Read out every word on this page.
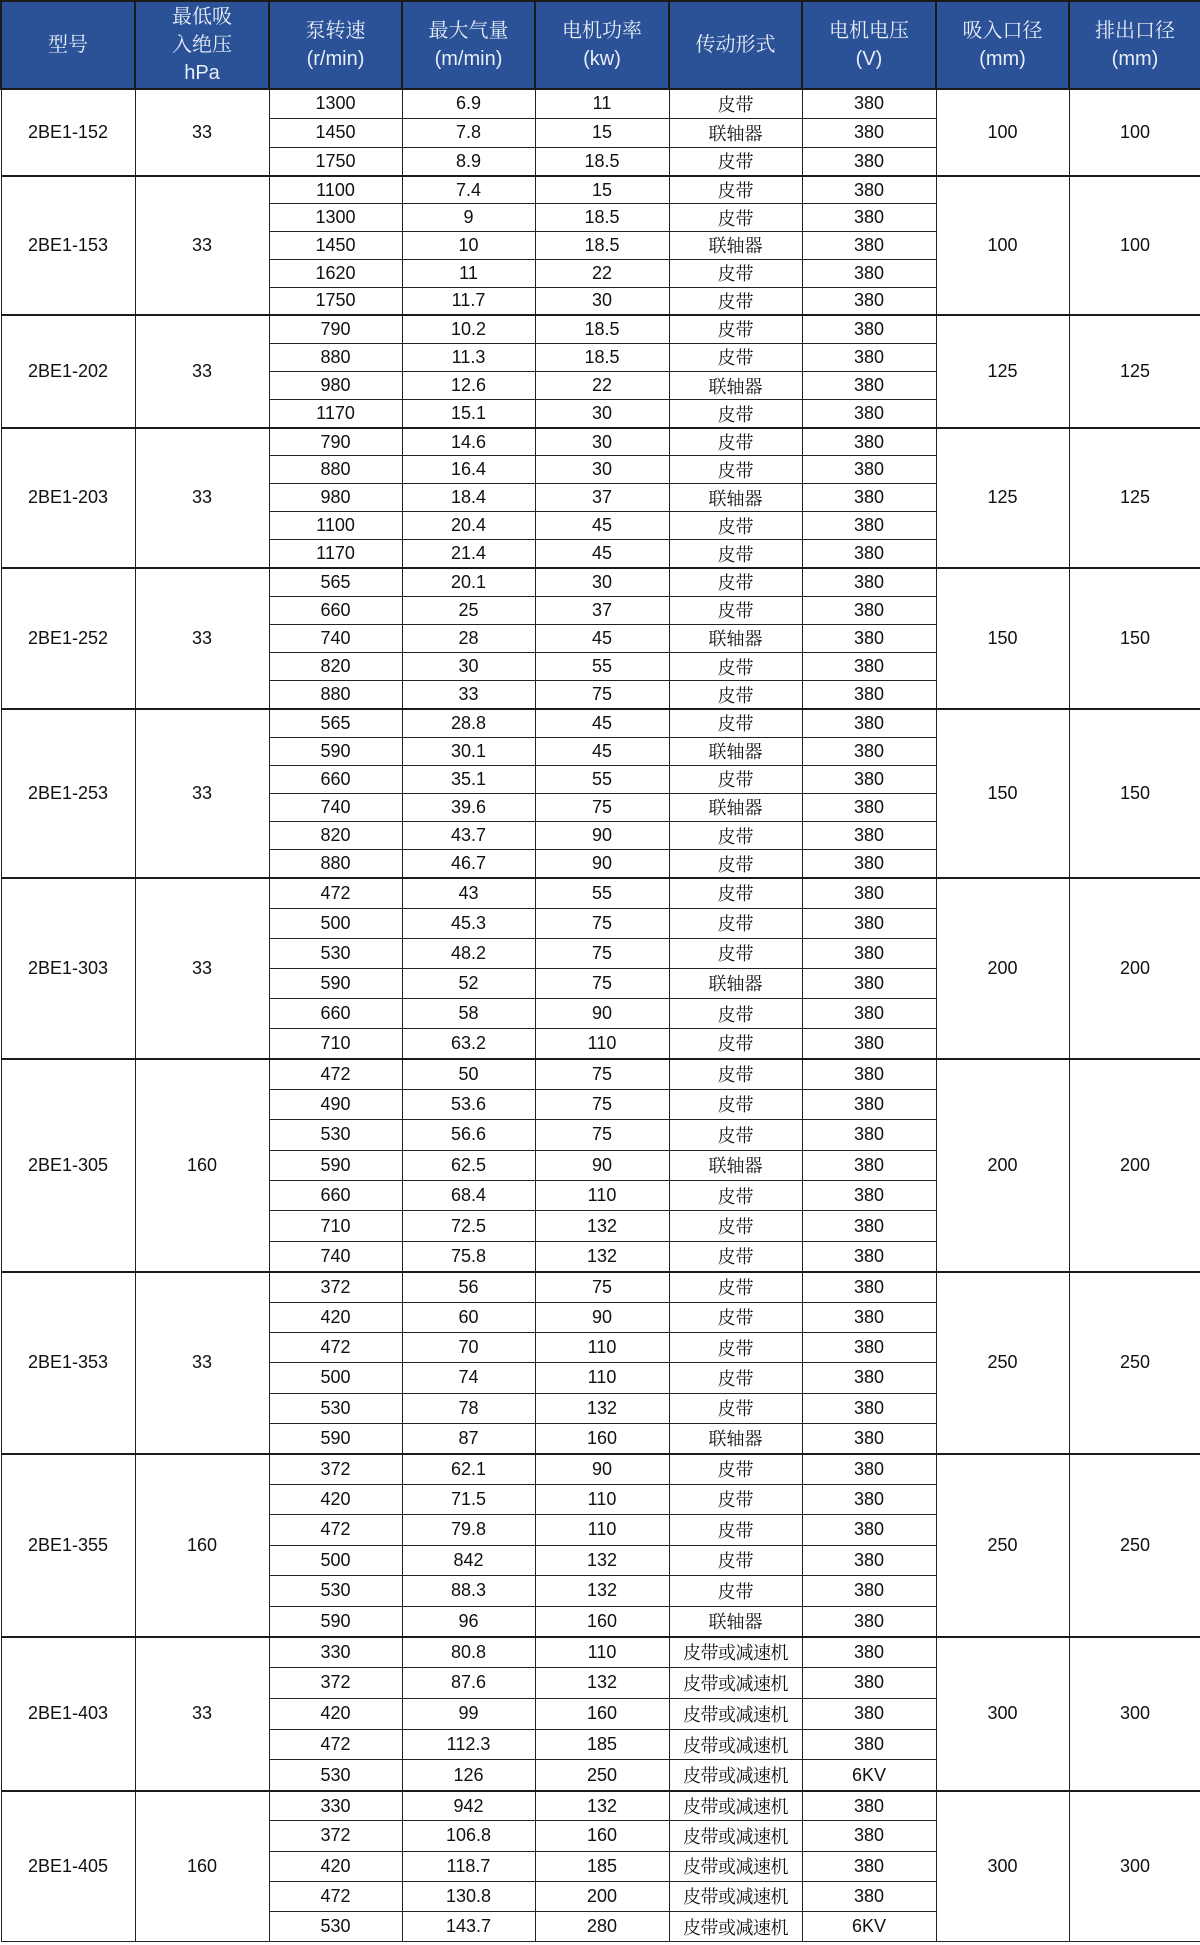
型号

最低吸
入绝压
hPa

泵转速
(r/min)

最大气量
(m/min)

电机功率
(kw)

传动形式

电机电压
(V)

吸入口径
(mm)

排出口径
(mm)

2BE1-152	33	1300	6.9	11	皮带	380	100	100
		1450	7.8	15	联轴器	380		
		1750	8.9	18.5	皮带	380		
2BE1-153	33	1100	7.4	15	皮带	380	100	100
		1300	9	18.5	皮带	380		
		1450	10	18.5	联轴器	380		
		1620	11	22	皮带	380		
		1750	11.7	30	皮带	380		
2BE1-202	33	790	10.2	18.5	皮带	380	125	125
		880	11.3	18.5	皮带	380		
		980	12.6	22	联轴器	380		
		1170	15.1	30	皮带	380		
2BE1-203	33	790	14.6	30	皮带	380	125	125
		880	16.4	30	皮带	380		
		980	18.4	37	联轴器	380		
		1100	20.4	45	皮带	380		
		1170	21.4	45	皮带	380		
2BE1-252	33	565	20.1	30	皮带	380	150	150
		660	25	37	皮带	380		
		740	28	45	联轴器	380		
		820	30	55	皮带	380		
		880	33	75	皮带	380		
2BE1-253	33	565	28.8	45	皮带	380	150	150
		590	30.1	45	联轴器	380		
		660	35.1	55	皮带	380		
		740	39.6	75	联轴器	380		
		820	43.7	90	皮带	380		
		880	46.7	90	皮带	380		
2BE1-303	33	472	43	55	皮带	380	200	200
		500	45.3	75	皮带	380		
		530	48.2	75	皮带	380		
		590	52	75	联轴器	380		
		660	58	90	皮带	380		
		710	63.2	110	皮带	380		
2BE1-305	160	472	50	75	皮带	380	200	200
		490	53.6	75	皮带	380		
		530	56.6	75	皮带	380		
		590	62.5	90	联轴器	380		
		660	68.4	110	皮带	380		
		710	72.5	132	皮带	380		
		740	75.8	132	皮带	380		
2BE1-353	33	372	56	75	皮带	380	250	250
		420	60	90	皮带	380		
		472	70	110	皮带	380		
		500	74	110	皮带	380		
		530	78	132	皮带	380		
		590	87	160	联轴器	380		
2BE1-355	160	372	62.1	90	皮带	380	250	250
		420	71.5	110	皮带	380		
		472	79.8	110	皮带	380		
		500	842	132	皮带	380		
		530	88.3	132	皮带	380		
		590	96	160	联轴器	380		
2BE1-403	33	330	80.8	110	皮带或减速机	380	300	300
		372	87.6	132	皮带或减速机	380		
		420	99	160	皮带或减速机	380		
		472	112.3	185	皮带或减速机	380		
		530	126	250	皮带或减速机	6KV		
2BE1-405	160	330	942	132	皮带或减速机	380	300	300
		372	106.8	160	皮带或减速机	380		
		420	118.7	185	皮带或减速机	380		
		472	130.8	200	皮带或减速机	380		
		530	143.7	280	皮带或减速机	6KV		
